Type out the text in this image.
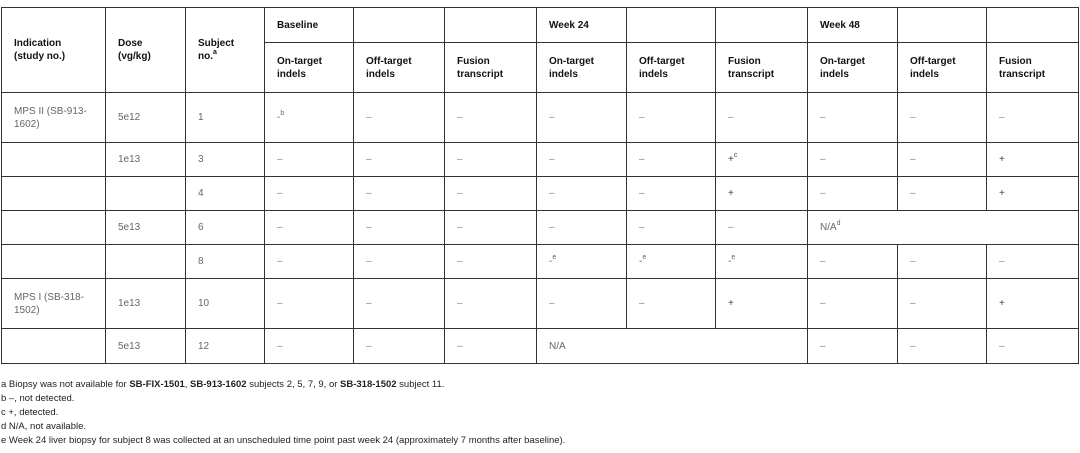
Indication (study no.)	Dose (vg/kg)	Subject no.$^a$	Baseline			Week 24			Week 48		
			On-target indels	Off-target indels	Fusion transcript	On-target indels	Off-target indels	Fusion transcript	On-target indels	Off-target indels	Fusion transcript
MPS II (SB-913-1602)	5e12	1	-$^b$	–	–	–	–	–	–	–	–
	1e13	3	–	–	–	–	–	+$^c$	–	–	+
		4	–	–	–	–	–	+	–	–	+
	5e13	6	–	–	–	–	–	–	$N/A^d$
		8	–	–	–	-$^e$	-$^e$	-$^e$	–	–	–
MPS I (SB-318-1502)	1e13	10	–	–	–	–	–	+	–	–	+
	5e13	12	–	–	–	N/A			–	–	–
a Biopsy was not available for SB-FIX-1501, SB-913-1602 subjects 2, 5, 7, 9, or SB-318-1502 subject 11.
b –, not detected.
c +, detected.
d N/A, not available.
e Week 24 liver biopsy for subject 8 was collected at an unscheduled time point past week 24 (approximately 7 months after baseline).
